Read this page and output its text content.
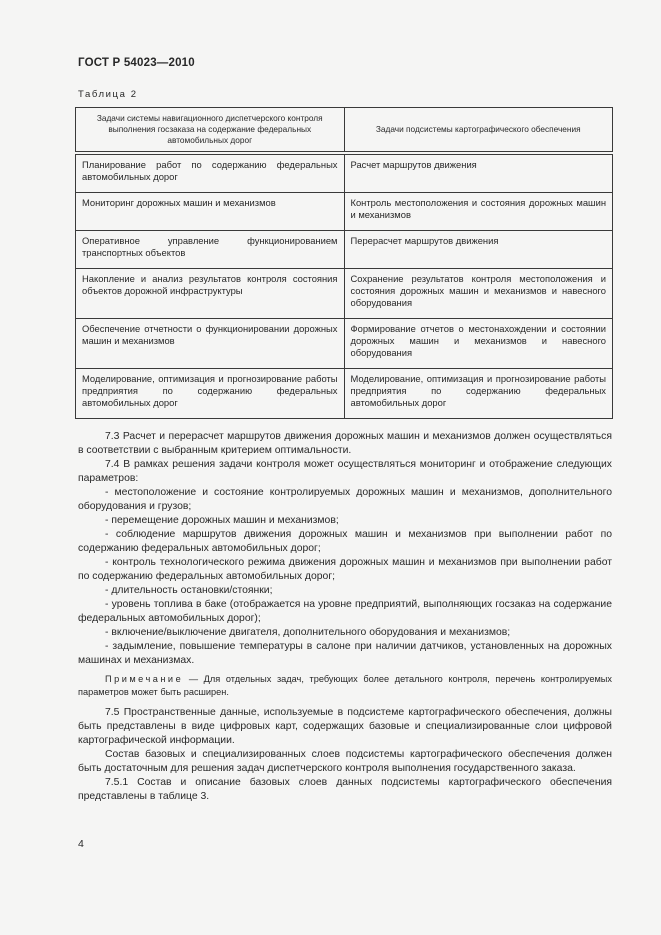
ГОСТ Р 54023—2010

Таблица 2

Задачи системы навигационного диспетчерского контроля выполнения госзаказа на содержание федеральных автомобильных дорог	Задачи подсистемы картографического обеспечения
Планирование работ по содержанию федеральных автомобильных дорог	Расчет маршрутов движения
Мониторинг дорожных машин и механизмов	Контроль местоположения и состояния дорожных машин и механизмов
Оперативное управление функционированием транспортных объектов	Перерасчет маршрутов движения
Накопление и анализ результатов контроля состояния объектов дорожной инфраструктуры	Сохранение результатов контроля местоположения и состояния дорожных машин и механизмов и навесного оборудования
Обеспечение отчетности о функционировании дорожных машин и механизмов	Формирование отчетов о местонахождении и состоянии дорожных машин и механизмов и навесного оборудования
Моделирование, оптимизация и прогнозирование работы предприятия по содержанию федеральных автомобильных дорог	Моделирование, оптимизация и прогнозирование работы предприятия по содержанию федеральных автомобильных дорог

7.3 Расчет и перерасчет маршрутов движения дорожных машин и механизмов должен осуществляться в соответствии с выбранным критерием оптимальности.

7.4 В рамках решения задачи контроля может осуществляться мониторинг и отображение следующих параметров:

- местоположение и состояние контролируемых дорожных машин и механизмов, дополнительного оборудования и грузов;

- перемещение дорожных машин и механизмов;

- соблюдение маршрутов движения дорожных машин и механизмов при выполнении работ по содержанию федеральных автомобильных дорог;

- контроль технологического режима движения дорожных машин и механизмов при выполнении работ по содержанию федеральных автомобильных дорог;

- длительность остановки/стоянки;

- уровень топлива в баке (отображается на уровне предприятий, выполняющих госзаказ на содержание федеральных автомобильных дорог);

- включение/выключение двигателя, дополнительного оборудования и механизмов;

- задымление, повышение температуры в салоне при наличии датчиков, установленных на дорожных машинах и механизмах.

Примечание — Для отдельных задач, требующих более детального контроля, перечень контролируемых параметров может быть расширен.

7.5 Пространственные данные, используемые в подсистеме картографического обеспечения, должны быть представлены в виде цифровых карт, содержащих базовые и специализированные слои цифровой картографической информации.

Состав базовых и специализированных слоев подсистемы картографического обеспечения должен быть достаточным для решения задач диспетчерского контроля выполнения государственного заказа.

7.5.1 Состав и описание базовых слоев данных подсистемы картографического обеспечения представлены в таблице 3.

4
